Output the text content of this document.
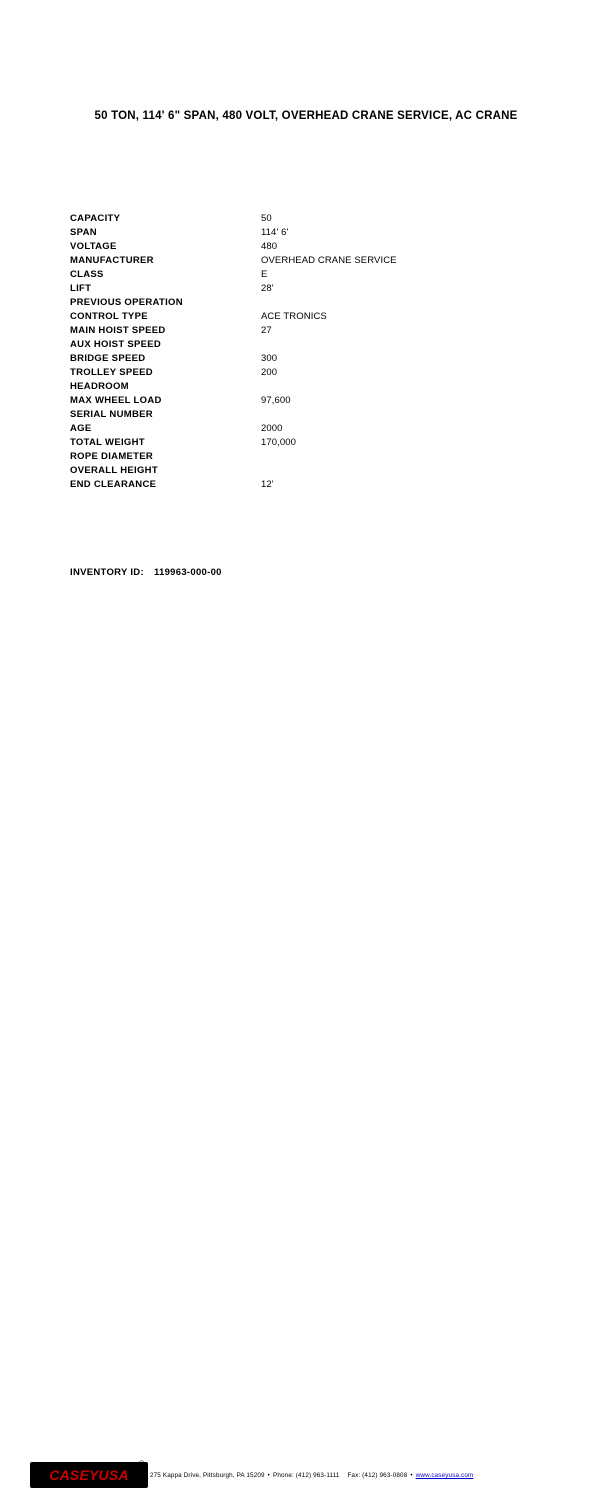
50 TON, 114' 6" SPAN, 480 VOLT, OVERHEAD CRANE SERVICE, AC CRANE
CAPACITY	50
SPAN	114' 6'
VOLTAGE	480
MANUFACTURER	OVERHEAD CRANE SERVICE
CLASS	E
LIFT	28'
PREVIOUS OPERATION	
CONTROL TYPE	ACE TRONICS
MAIN HOIST SPEED	27
AUX HOIST SPEED	
BRIDGE SPEED	300
TROLLEY SPEED	200
HEADROOM	
MAX WHEEL LOAD	97,600
SERIAL NUMBER	
AGE	2000
TOTAL WEIGHT	170,000
ROPE DIAMETER	
OVERALL HEIGHT	
END CLEARANCE	12'
INVENTORY ID: 119963-000-00
CASEYUSA
®
275 Kappa Drive, Pittsburgh, PA 15209 • Phone: (412) 963-1111 Fax: (412) 963-0808 • www.caseyusa.com
